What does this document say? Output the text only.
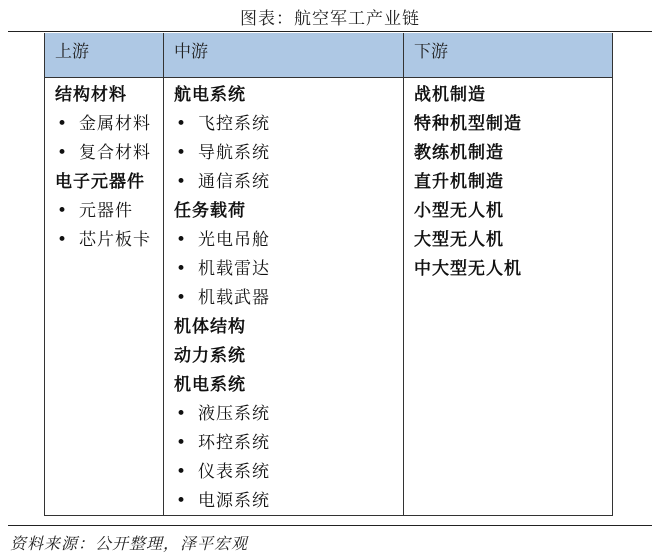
图表：航空军工产业链
上游	中游	下游
结构材料
• 金属材料
• 复合材料
电子元器件
• 元器件
• 芯片板卡
航电系统
• 飞控系统
• 导航系统
• 通信系统
任务载荷
• 光电吊舱
• 机载雷达
• 机载武器
机体结构
动力系统
机电系统
• 液压系统
• 环控系统
• 仪表系统
• 电源系统
战机制造
特种机型制造
教练机制造
直升机制造
小型无人机
大型无人机
中大型无人机
资料来源：公开整理，泽平宏观
